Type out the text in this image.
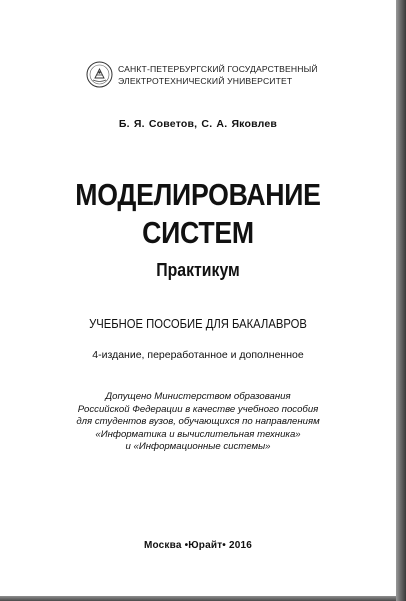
САНКТ-ПЕТЕРБУРГСКИЙ ГОСУДАРСТВЕННЫЙ
ЭЛЕКТРОТЕХНИЧЕСКИЙ УНИВЕРСИТЕТ
Б. Я. Советов, С. А. Яковлев
МОДЕЛИРОВАНИЕ
СИСТЕМ
Практикум
УЧЕБНОЕ ПОСОБИЕ ДЛЯ БАКАЛАВРОВ
4-издание, переработанное и дополненное
Допущено Министерством образования
Российской Федерации в качестве учебного пособия
для студентов вузов, обучающихся по направлениям
«Информатика и вычислительная техника»
и «Информационные системы»
Москва •Юрайт• 2016
